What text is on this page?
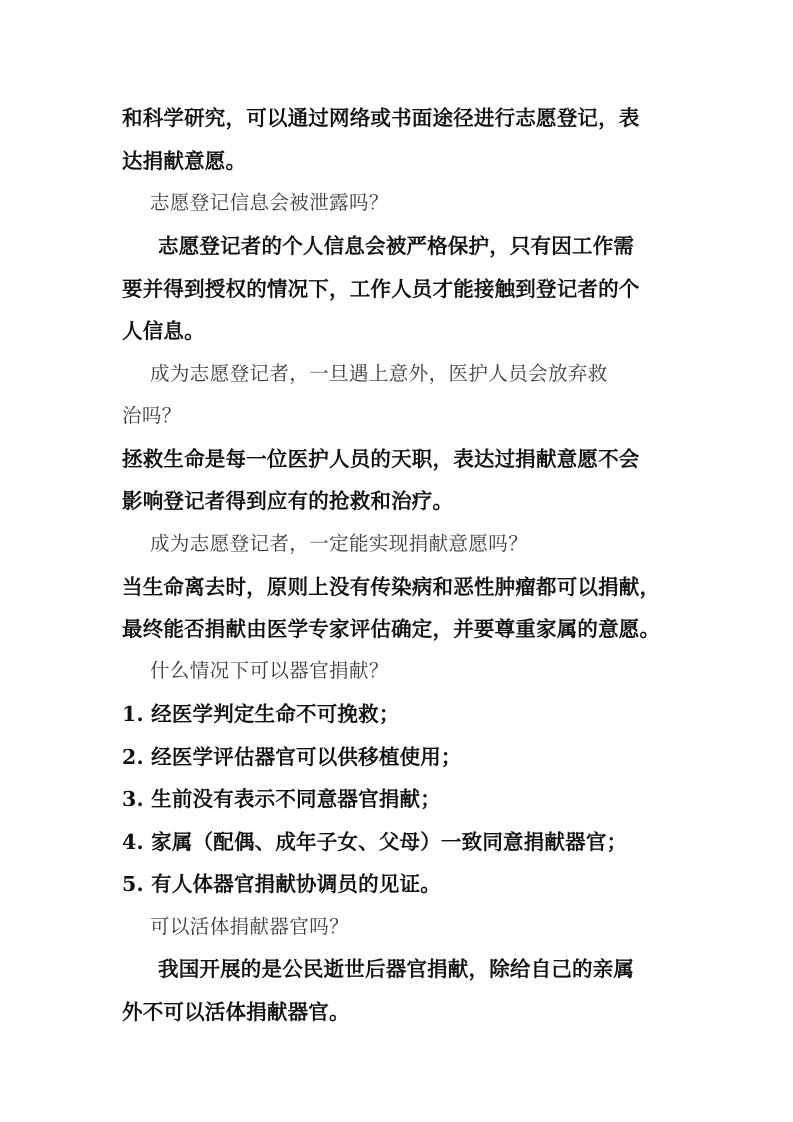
和科学研究，可以通过网络或书面途径进行志愿登记，表
达捐献意愿。
志愿登记信息会被泄露吗？
志愿登记者的个人信息会被严格保护，只有因工作需
要并得到授权的情况下，工作人员才能接触到登记者的个
人信息。
成为志愿登记者，一旦遇上意外，医护人员会放弃救
治吗？
拯救生命是每一位医护人员的天职，表达过捐献意愿不会
影响登记者得到应有的抢救和治疗。
成为志愿登记者，一定能实现捐献意愿吗？
当生命离去时，原则上没有传染病和恶性肿瘤都可以捐献，
最终能否捐献由医学专家评估确定，并要尊重家属的意愿。
什么情况下可以器官捐献？
1. 经医学判定生命不可挽救；
2. 经医学评估器官可以供移植使用；
3. 生前没有表示不同意器官捐献；
4. 家属（配偶、成年子女、父母）一致同意捐献器官；
5. 有人体器官捐献协调员的见证。
可以活体捐献器官吗？
我国开展的是公民逝世后器官捐献，除给自己的亲属
外不可以活体捐献器官。
